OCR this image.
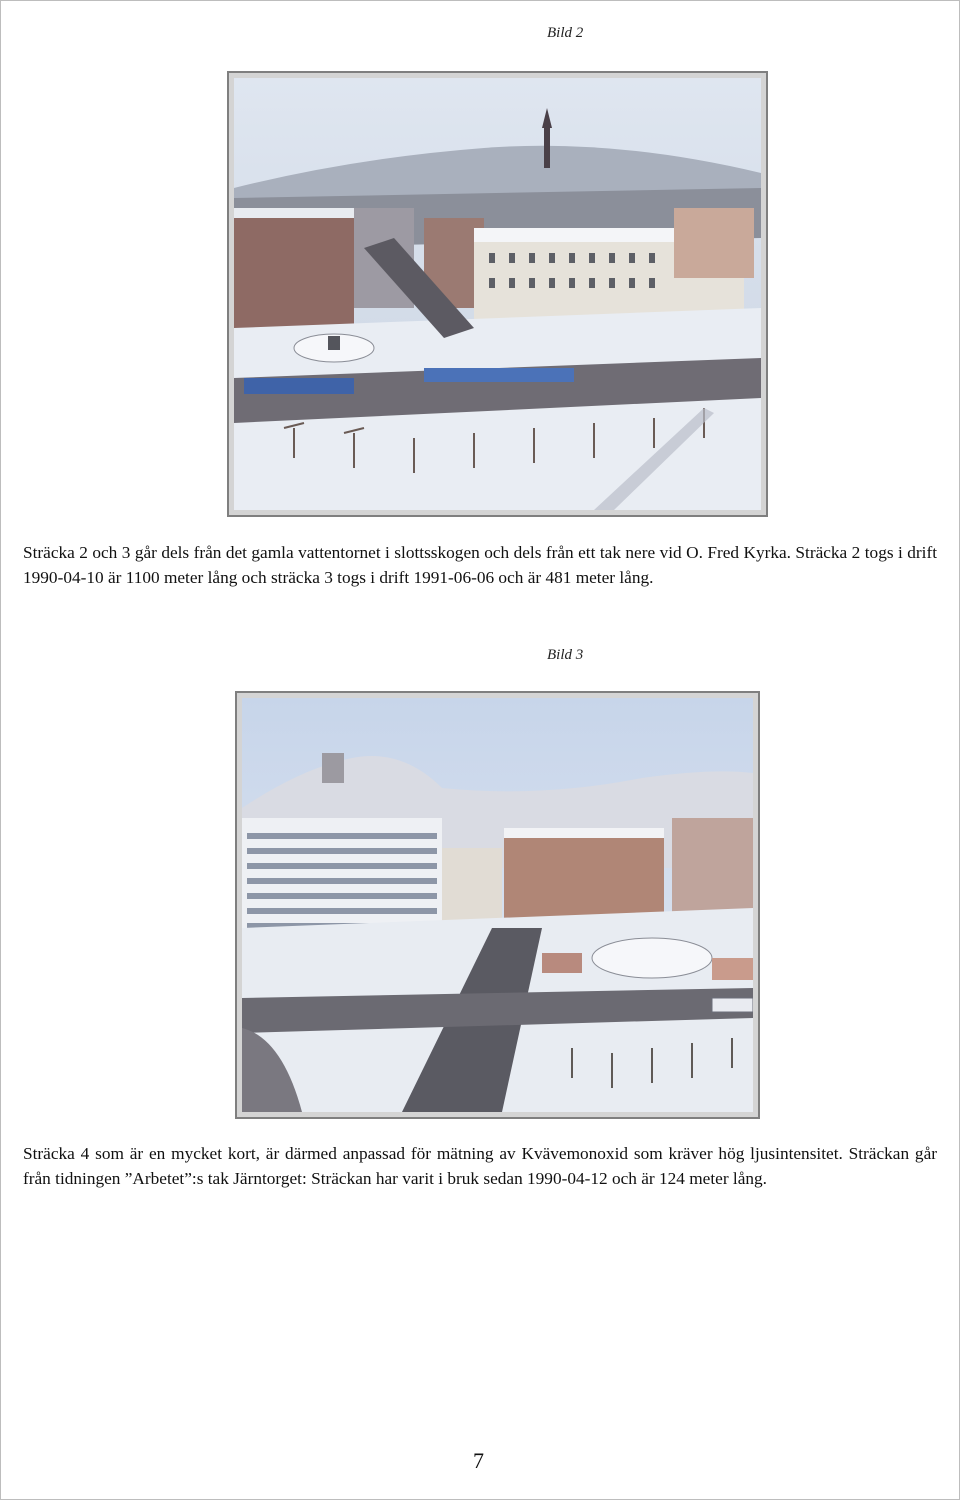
Bild 2

Sträcka 2 och 3 går dels från det gamla vattentornet i slottsskogen och dels från ett tak nere vid O. Fred Kyrka. Sträcka 2 togs i drift 1990-04-10 är 1100 meter lång och sträcka 3 togs i drift 1991-06-06 och är 481 meter lång.

Bild 3

Sträcka 4 som är en mycket kort, är därmed anpassad för mätning av Kvävemonoxid som kräver hög ljusintensitet. Sträckan går från tidningen ”Arbetet”:s tak Järntorget: Sträckan har varit i bruk sedan 1990-04-12 och är 124 meter lång.

7
